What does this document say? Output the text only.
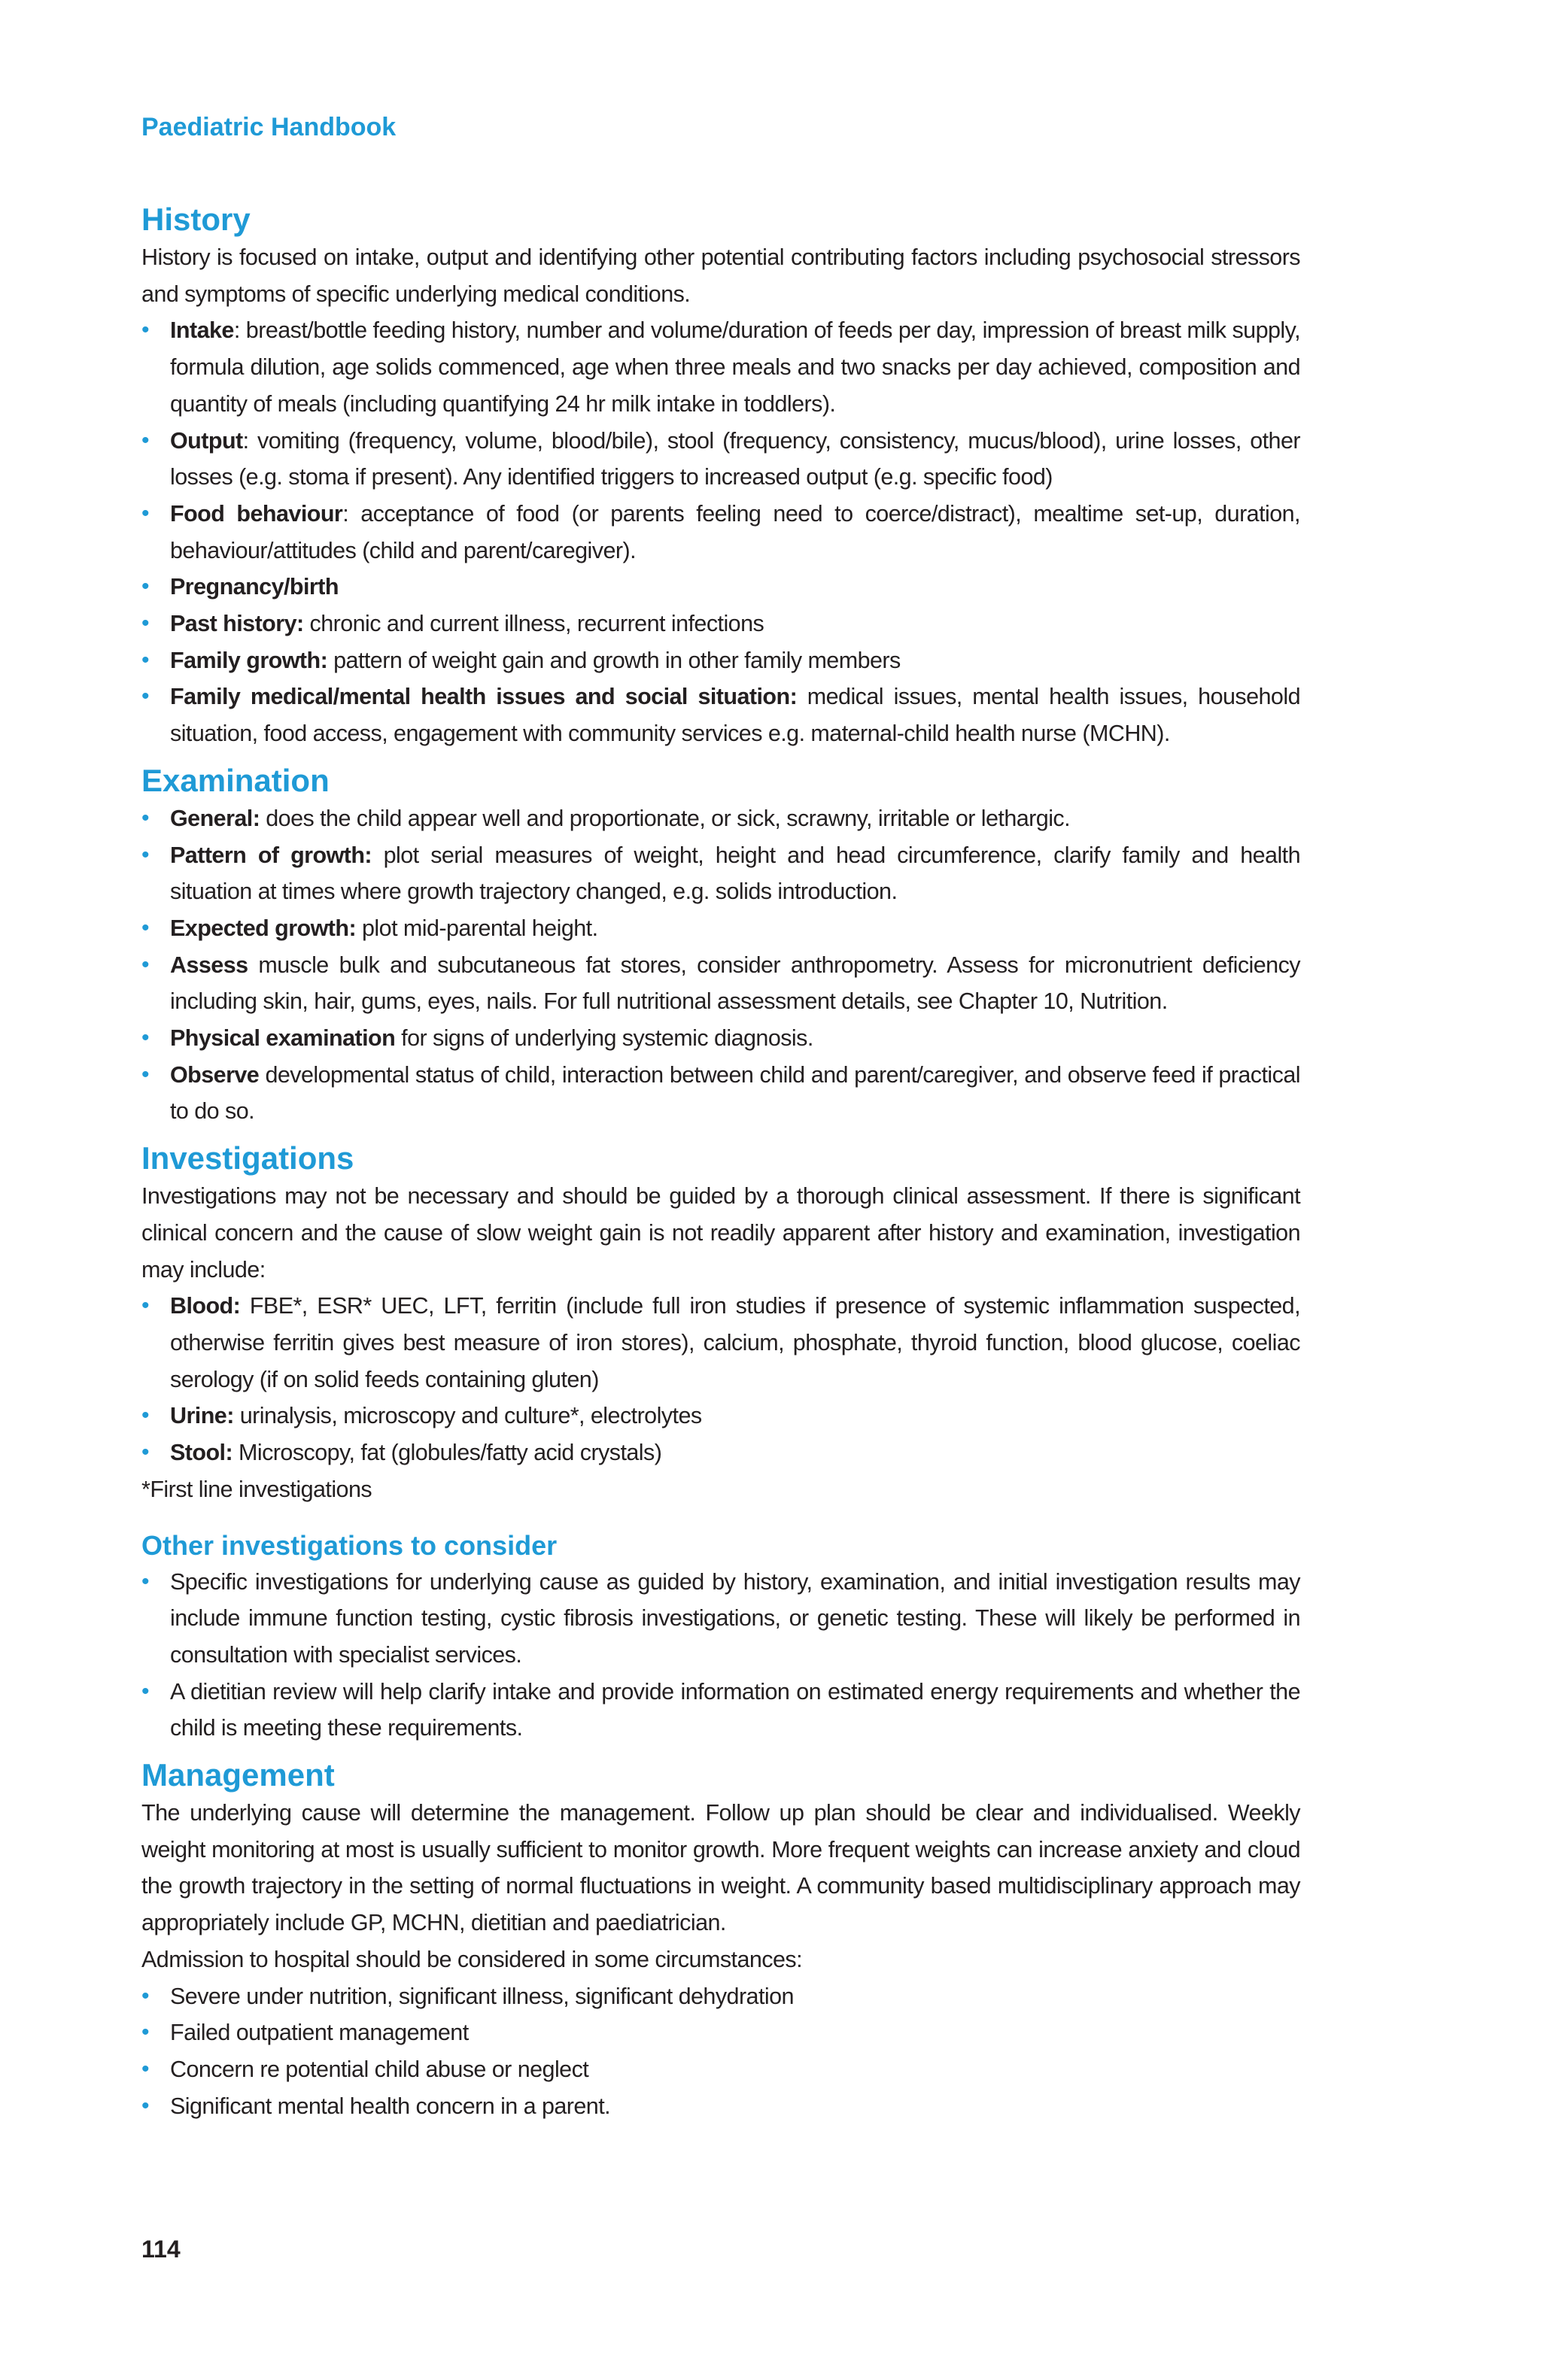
Paediatric Handbook
History

History is focused on intake, output and identifying other potential contributing factors including psychosocial stressors and symptoms of specific underlying medical conditions.

• Intake: breast/bottle feeding history, number and volume/duration of feeds per day, impression of breast milk supply, formula dilution, age solids commenced, age when three meals and two snacks per day achieved, composition and quantity of meals (including quantifying 24 hr milk intake in toddlers).
• Output: vomiting (frequency, volume, blood/bile), stool (frequency, consistency, mucus/blood), urine losses, other losses (e.g. stoma if present). Any identified triggers to increased output (e.g. specific food)
• Food behaviour: acceptance of food (or parents feeling need to coerce/distract), mealtime set-up, duration, behaviour/attitudes (child and parent/caregiver).
• Pregnancy/birth
• Past history: chronic and current illness, recurrent infections
• Family growth: pattern of weight gain and growth in other family members
• Family medical/mental health issues and social situation: medical issues, mental health issues, household situation, food access, engagement with community services e.g. maternal-child health nurse (MCHN).
Examination
• General: does the child appear well and proportionate, or sick, scrawny, irritable or lethargic.
• Pattern of growth: plot serial measures of weight, height and head circumference, clarify family and health situation at times where growth trajectory changed, e.g. solids introduction.
• Expected growth: plot mid-parental height.
• Assess muscle bulk and subcutaneous fat stores, consider anthropometry. Assess for micronutrient deficiency including skin, hair, gums, eyes, nails. For full nutritional assessment details, see Chapter 10, Nutrition.
• Physical examination for signs of underlying systemic diagnosis.
• Observe developmental status of child, interaction between child and parent/caregiver, and observe feed if practical to do so.
Investigations

Investigations may not be necessary and should be guided by a thorough clinical assessment. If there is significant clinical concern and the cause of slow weight gain is not readily apparent after history and examination, investigation may include:

• Blood: FBE*, ESR* UEC, LFT, ferritin (include full iron studies if presence of systemic inflammation suspected, otherwise ferritin gives best measure of iron stores), calcium, phosphate, thyroid function, blood glucose, coeliac serology (if on solid feeds containing gluten)
• Urine: urinalysis, microscopy and culture*, electrolytes
• Stool: Microscopy, fat (globules/fatty acid crystals)

*First line investigations

Other investigations to consider
• Specific investigations for underlying cause as guided by history, examination, and initial investigation results may include immune function testing, cystic fibrosis investigations, or genetic testing. These will likely be performed in consultation with specialist services.
• A dietitian review will help clarify intake and provide information on estimated energy requirements and whether the child is meeting these requirements.
Management

The underlying cause will determine the management. Follow up plan should be clear and individualised. Weekly weight monitoring at most is usually sufficient to monitor growth. More frequent weights can increase anxiety and cloud the growth trajectory in the setting of normal fluctuations in weight. A community based multidisciplinary approach may appropriately include GP, MCHN, dietitian and paediatrician.

Admission to hospital should be considered in some circumstances:

• Severe under nutrition, significant illness, significant dehydration
• Failed outpatient management
• Concern re potential child abuse or neglect
• Significant mental health concern in a parent.
114
